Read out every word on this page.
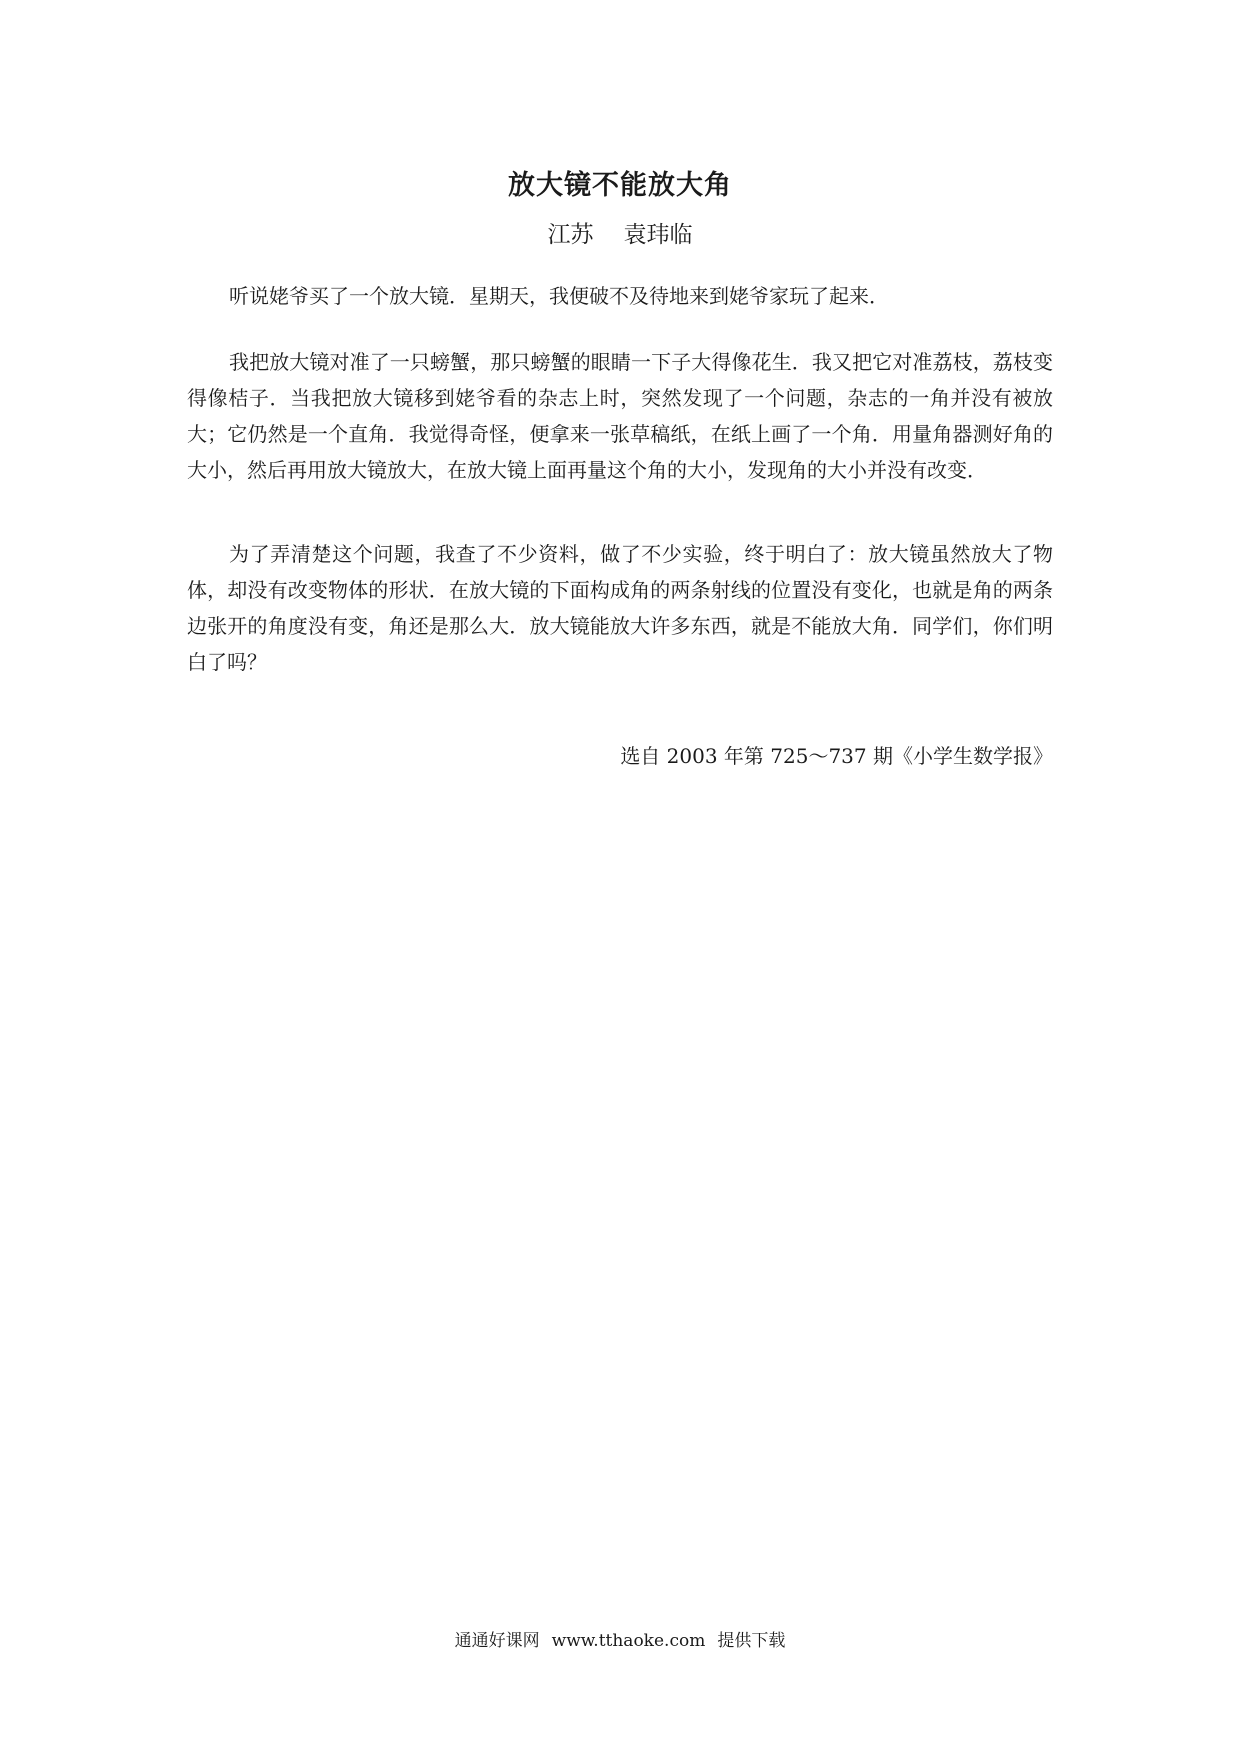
放大镜不能放大角

江苏 袁玮临

听说姥爷买了一个放大镜．星期天，我便破不及待地来到姥爷家玩了起来．

我把放大镜对准了一只螃蟹，那只螃蟹的眼睛一下子大得像花生．我又把它对准荔枝，荔枝变得像桔子．当我把放大镜移到姥爷看的杂志上时，突然发现了一个问题，杂志的一角并没有被放大；它仍然是一个直角．我觉得奇怪，便拿来一张草稿纸，在纸上画了一个角．用量角器测好角的大小，然后再用放大镜放大，在放大镜上面再量这个角的大小，发现角的大小并没有改变．

为了弄清楚这个问题，我查了不少资料，做了不少实验，终于明白了：放大镜虽然放大了物体，却没有改变物体的形状．在放大镜的下面构成角的两条射线的位置没有变化，也就是角的两条边张开的角度没有变，角还是那么大．放大镜能放大许多东西，就是不能放大角．同学们，你们明白了吗？

选自 2003 年第 725～737 期《小学生数学报》

通通好课网 www.tthaoke.com 提供下载
